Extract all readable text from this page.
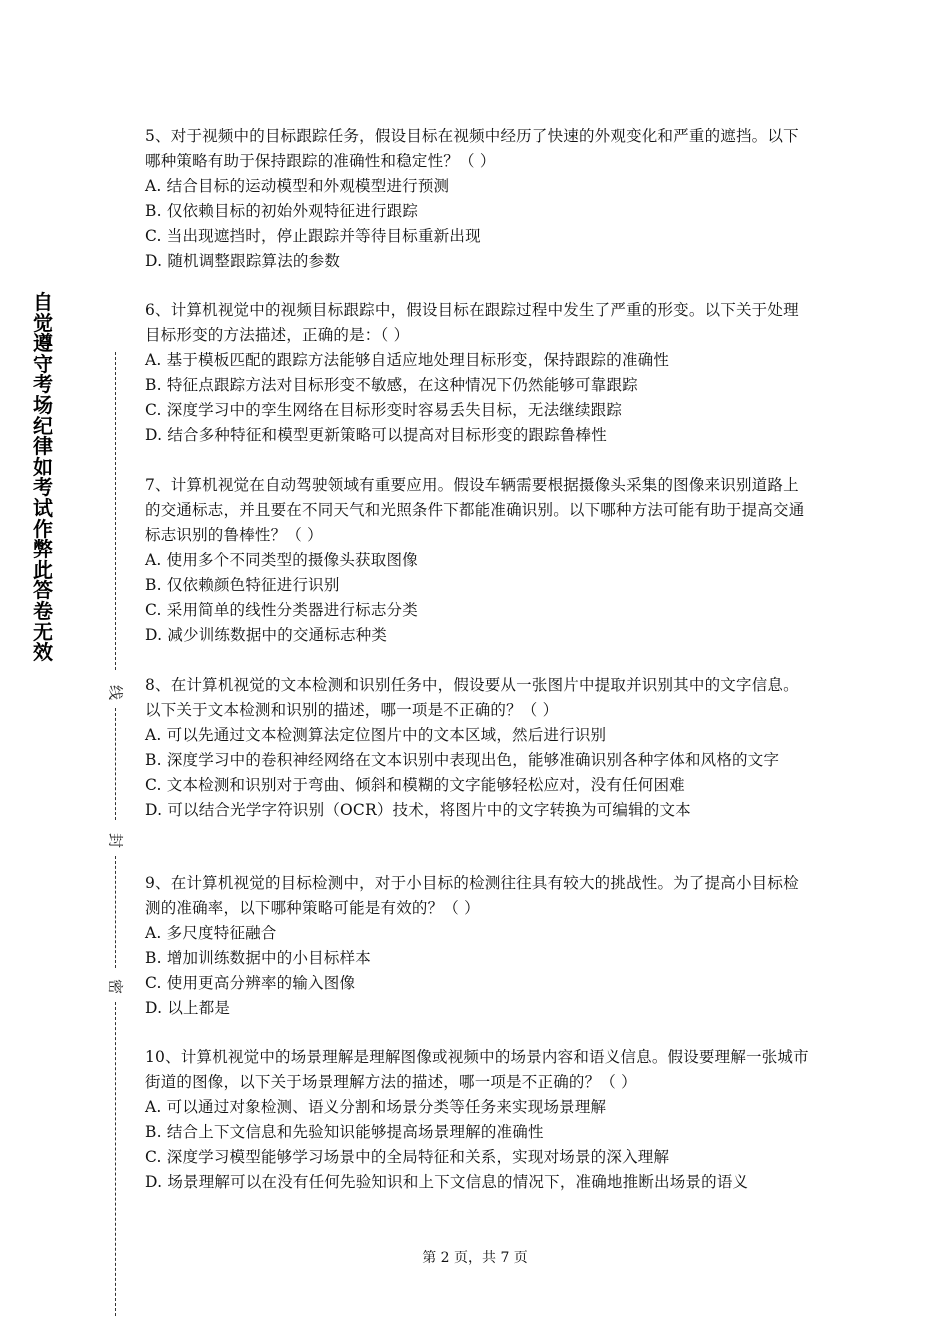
自觉遵守考场纪律如考试作弊此答卷无效
线
封
密

5、对于视频中的目标跟踪任务，假设目标在视频中经历了快速的外观变化和严重的遮挡。以下哪种策略有助于保持跟踪的准确性和稳定性？（ ）

A. 结合目标的运动模型和外观模型进行预测

B. 仅依赖目标的初始外观特征进行跟踪

C. 当出现遮挡时，停止跟踪并等待目标重新出现

D. 随机调整跟踪算法的参数

6、计算机视觉中的视频目标跟踪中，假设目标在跟踪过程中发生了严重的形变。以下关于处理目标形变的方法描述，正确的是：（ ）

A. 基于模板匹配的跟踪方法能够自适应地处理目标形变，保持跟踪的准确性

B. 特征点跟踪方法对目标形变不敏感，在这种情况下仍然能够可靠跟踪

C. 深度学习中的孪生网络在目标形变时容易丢失目标，无法继续跟踪

D. 结合多种特征和模型更新策略可以提高对目标形变的跟踪鲁棒性

7、计算机视觉在自动驾驶领域有重要应用。假设车辆需要根据摄像头采集的图像来识别道路上的交通标志，并且要在不同天气和光照条件下都能准确识别。以下哪种方法可能有助于提高交通标志识别的鲁棒性？（ ）

A. 使用多个不同类型的摄像头获取图像

B. 仅依赖颜色特征进行识别

C. 采用简单的线性分类器进行标志分类

D. 减少训练数据中的交通标志种类

8、在计算机视觉的文本检测和识别任务中，假设要从一张图片中提取并识别其中的文字信息。以下关于文本检测和识别的描述，哪一项是不正确的？（ ）

A. 可以先通过文本检测算法定位图片中的文本区域，然后进行识别

B. 深度学习中的卷积神经网络在文本识别中表现出色，能够准确识别各种字体和风格的文字

C. 文本检测和识别对于弯曲、倾斜和模糊的文字能够轻松应对，没有任何困难

D. 可以结合光学字符识别（OCR）技术，将图片中的文字转换为可编辑的文本

9、在计算机视觉的目标检测中，对于小目标的检测往往具有较大的挑战性。为了提高小目标检测的准确率，以下哪种策略可能是有效的？（ ）

A. 多尺度特征融合

B. 增加训练数据中的小目标样本

C. 使用更高分辨率的输入图像

D. 以上都是

10、计算机视觉中的场景理解是理解图像或视频中的场景内容和语义信息。假设要理解一张城市街道的图像，以下关于场景理解方法的描述，哪一项是不正确的？（ ）

A. 可以通过对象检测、语义分割和场景分类等任务来实现场景理解

B. 结合上下文信息和先验知识能够提高场景理解的准确性

C. 深度学习模型能够学习场景中的全局特征和关系，实现对场景的深入理解

D. 场景理解可以在没有任何先验知识和上下文信息的情况下，准确地推断出场景的语义

第 2 页，共 7 页
